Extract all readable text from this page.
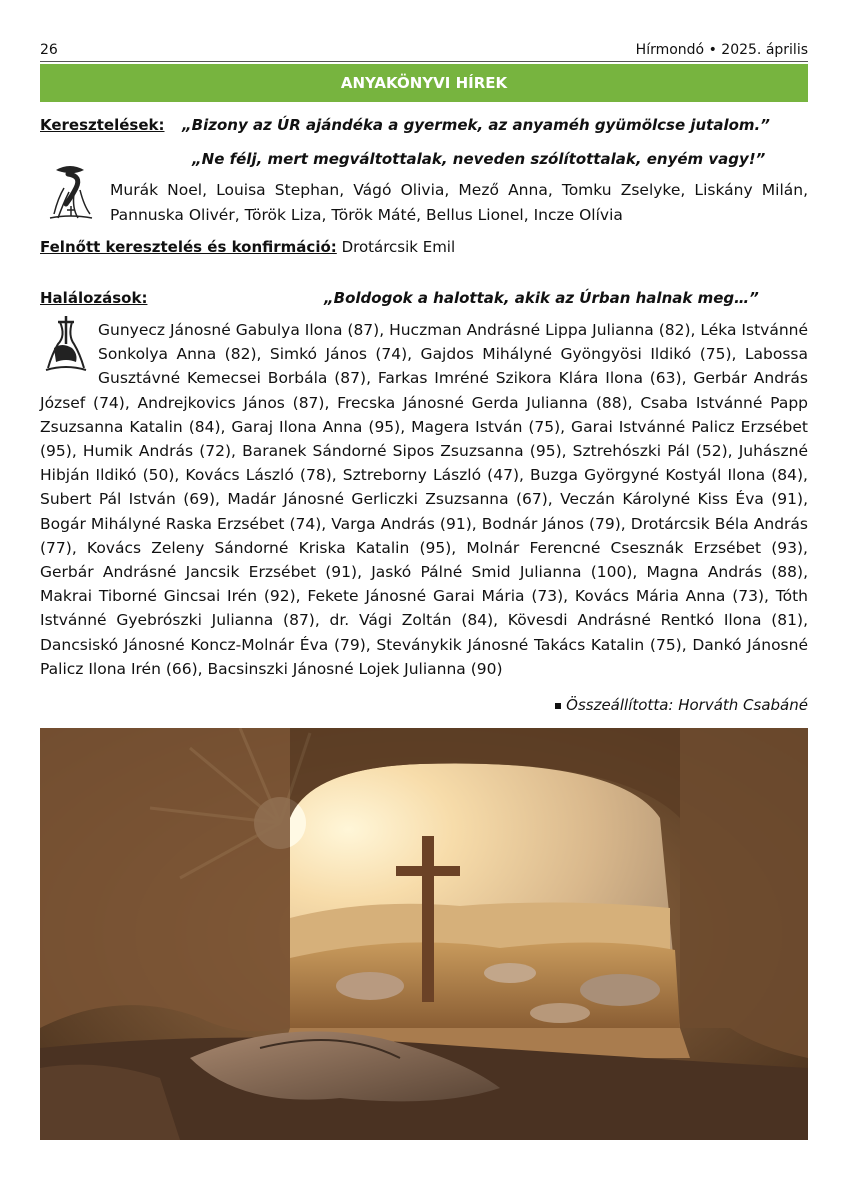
26	Hírmondó • 2025. április
ANYAKÖNYVI HÍREK
Keresztelések: „Bizony az ÚR ajándéka a gyermek, az anyaméh gyümölcse jutalom.”
„Ne félj, mert megváltottalak, neveden szólítottalak, enyém vagy!”
Murák Noel, Louisa Stephan, Vágó Olivia, Mező Anna, Tomku Zselyke, Liskány Milán, Pannuska Olivér, Török Liza, Török Máté, Bellus Lionel, Incze Olívia
Felnőtt keresztelés és konfirmáció: Drotárcsik Emil
Halálozások:	„Boldogok a halottak, akik az Úrban halnak meg…”
Gunyecz Jánosné Gabulya Ilona (87), Huczman Andrásné Lippa Julianna (82), Léka Istvánné Sonkolya Anna (82), Simkó János (74), Gajdos Mihályné Gyöngyösi Ildikó (75), Labossa Gusztávné Kemecsei Borbála (87), Farkas Imréné Szikora Klára Ilona (63), Gerbár András József (74), Andrejkovics János (87), Frecska Jánosné Gerda Julianna (88), Csaba Istvánné Papp Zsuzsanna Katalin (84), Garaj Ilona Anna (95), Magera István (75), Garai Istvánné Palicz Erzsébet (95), Humik András (72), Baranek Sándorné Sipos Zsuzsanna (95), Sztrehószki Pál (52), Juhászné Hibján Ildikó (50), Kovács László (78), Sztreborny László (47), Buzga Györgyné Kostyál Ilona (84), Subert Pál István (69), Madár Jánosné Gerliczki Zsuzsanna (67), Veczán Károlyné Kiss Éva (91), Bogár Mihályné Raska Erzsébet (74), Varga András (91), Bodnár János (79), Drotárcsik Béla András (77), Kovács Zeleny Sándorné Kriska Katalin (95), Molnár Ferencné Csesznák Erzsébet (93), Gerbár Andrásné Jancsik Erzsébet (91), Jaskó Pálné Smid Julianna (100), Magna András (88), Makrai Tiborné Gincsai Irén (92), Fekete Jánosné Garai Mária (73), Kovács Mária Anna (73), Tóth Istvánné Gyebrószki Julianna (87), dr. Vági Zoltán (84), Kövesdi Andrásné Rentkó Ilona (81), Dancsiskó Jánosné Koncz-Molnár Éva (79), Steványkik Jánosné Takács Katalin (75), Dankó Jánosné Palicz Ilona Irén (66), Bacsinszki Jánosné Lojek Julianna (90)
Összeállította: Horváth Csabáné
